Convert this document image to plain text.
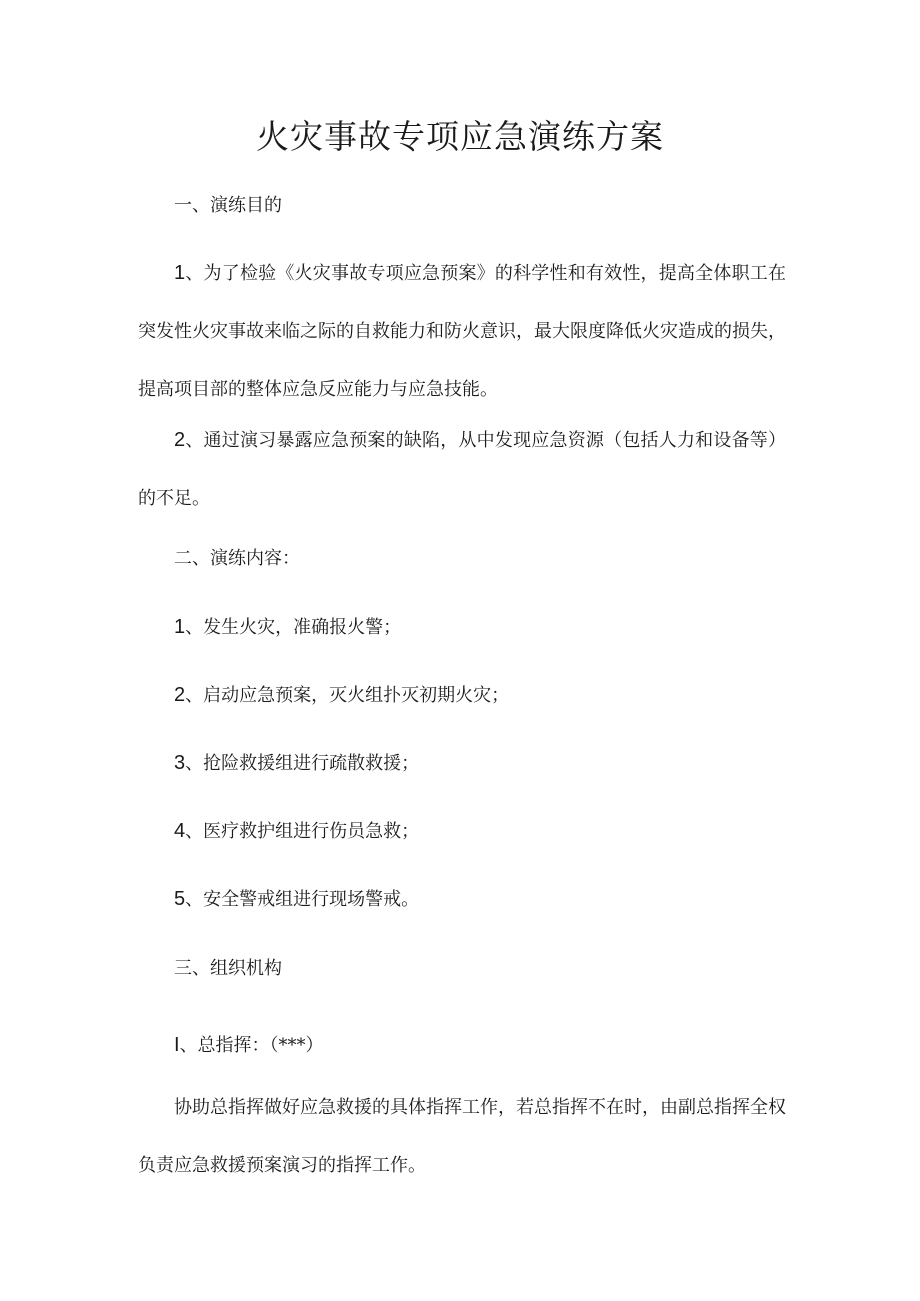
火灾事故专项应急演练方案

一、演练目的

1、为了检验《火灾事故专项应急预案》的科学性和有效性，提高全体职工在突发性火灾事故来临之际的自救能力和防火意识，最大限度降低火灾造成的损失，提高项目部的整体应急反应能力与应急技能。

2、通过演习暴露应急预案的缺陷，从中发现应急资源（包括人力和设备等）的不足。

二、演练内容：

1、发生火灾，准确报火警；

2、启动应急预案，灭火组扑灭初期火灾；

3、抢险救援组进行疏散救援；

4、医疗救护组进行伤员急救；

5、安全警戒组进行现场警戒。

三、组织机构

I、总指挥：（***）

协助总指挥做好应急救援的具体指挥工作，若总指挥不在时，由副总指挥全权负责应急救援预案演习的指挥工作。
